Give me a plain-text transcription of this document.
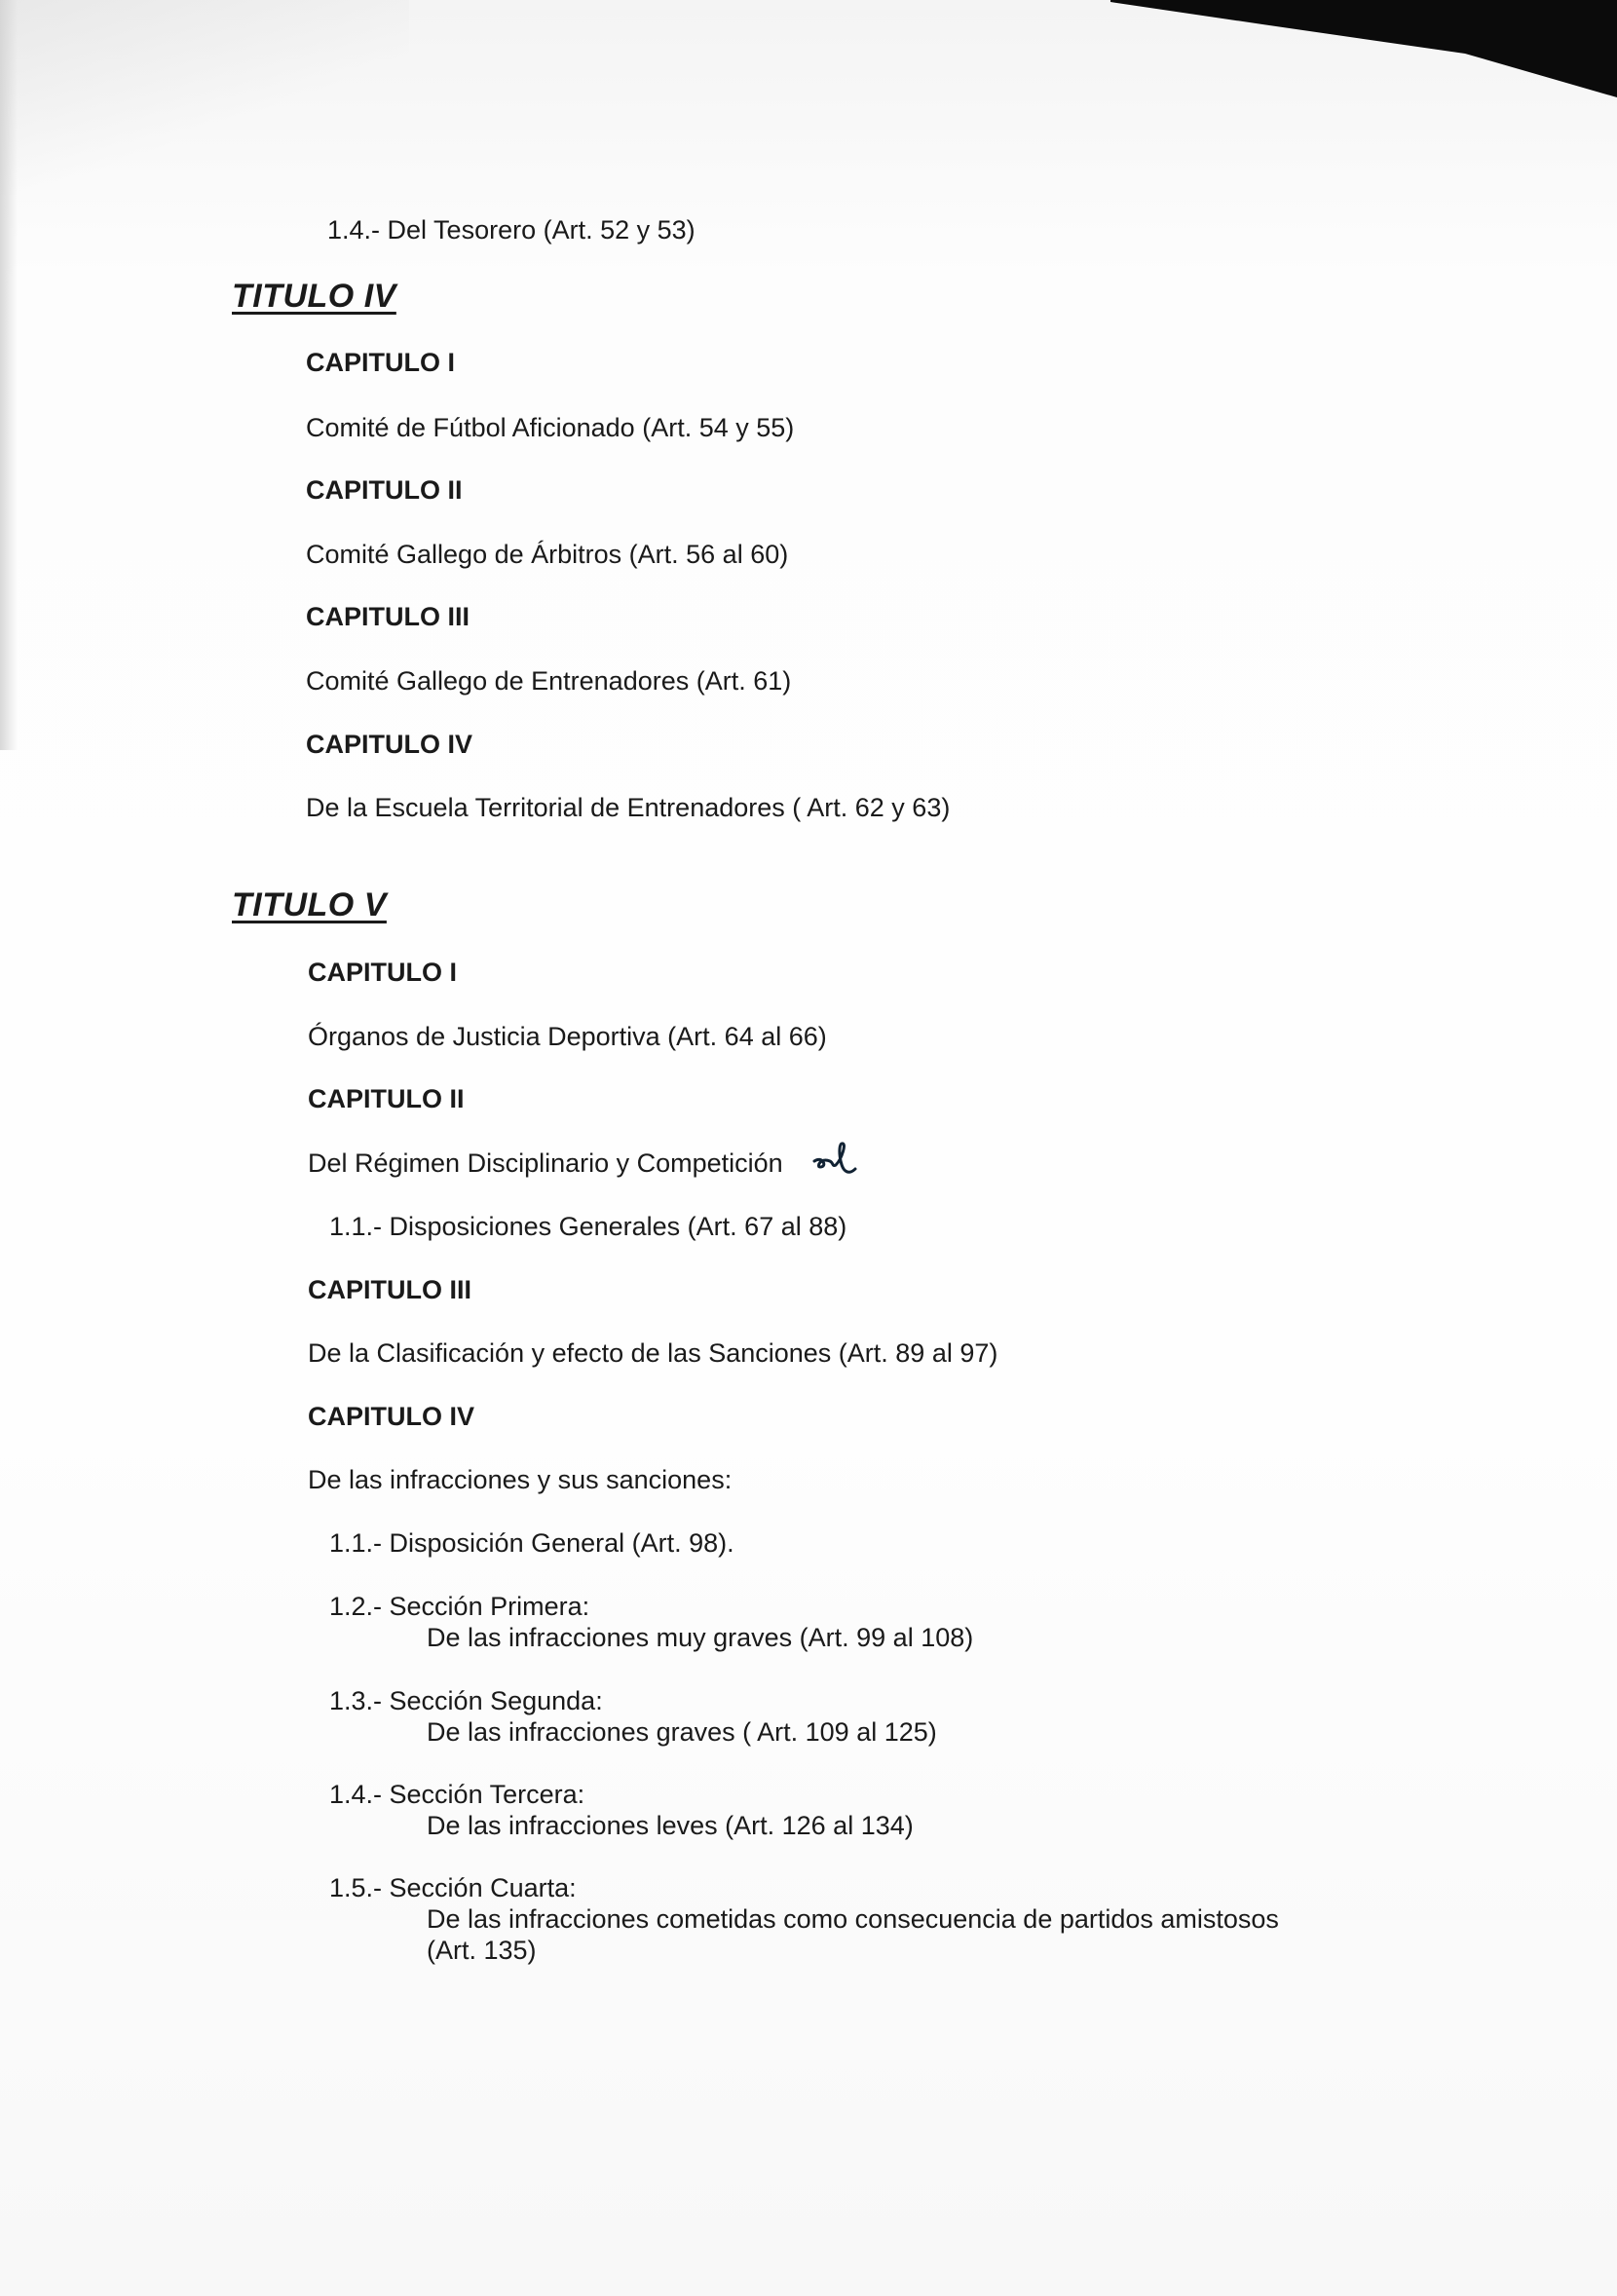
1.4.- Del Tesorero (Art. 52 y 53)
TITULO IV
CAPITULO I
Comité de Fútbol Aficionado (Art. 54 y 55)
CAPITULO II
Comité Gallego de Árbitros (Art. 56 al 60)
CAPITULO III
Comité Gallego de Entrenadores (Art. 61)
CAPITULO IV
De la Escuela Territorial de Entrenadores ( Art. 62 y 63)
TITULO V
CAPITULO I
Órganos de Justicia Deportiva (Art. 64 al 66)
CAPITULO II
Del Régimen Disciplinario y Competición
1.1.- Disposiciones Generales (Art. 67 al 88)
CAPITULO III
De la Clasificación y efecto de las Sanciones (Art. 89 al 97)
CAPITULO IV
De las infracciones y sus sanciones:
1.1.- Disposición General (Art. 98).
1.2.- Sección Primera:
De las infracciones muy graves (Art. 99 al 108)
1.3.- Sección Segunda:
De las infracciones graves ( Art. 109 al 125)
1.4.- Sección Tercera:
De las infracciones leves (Art. 126 al 134)
1.5.- Sección Cuarta:
De las infracciones cometidas como consecuencia de partidos amistosos
(Art. 135)
